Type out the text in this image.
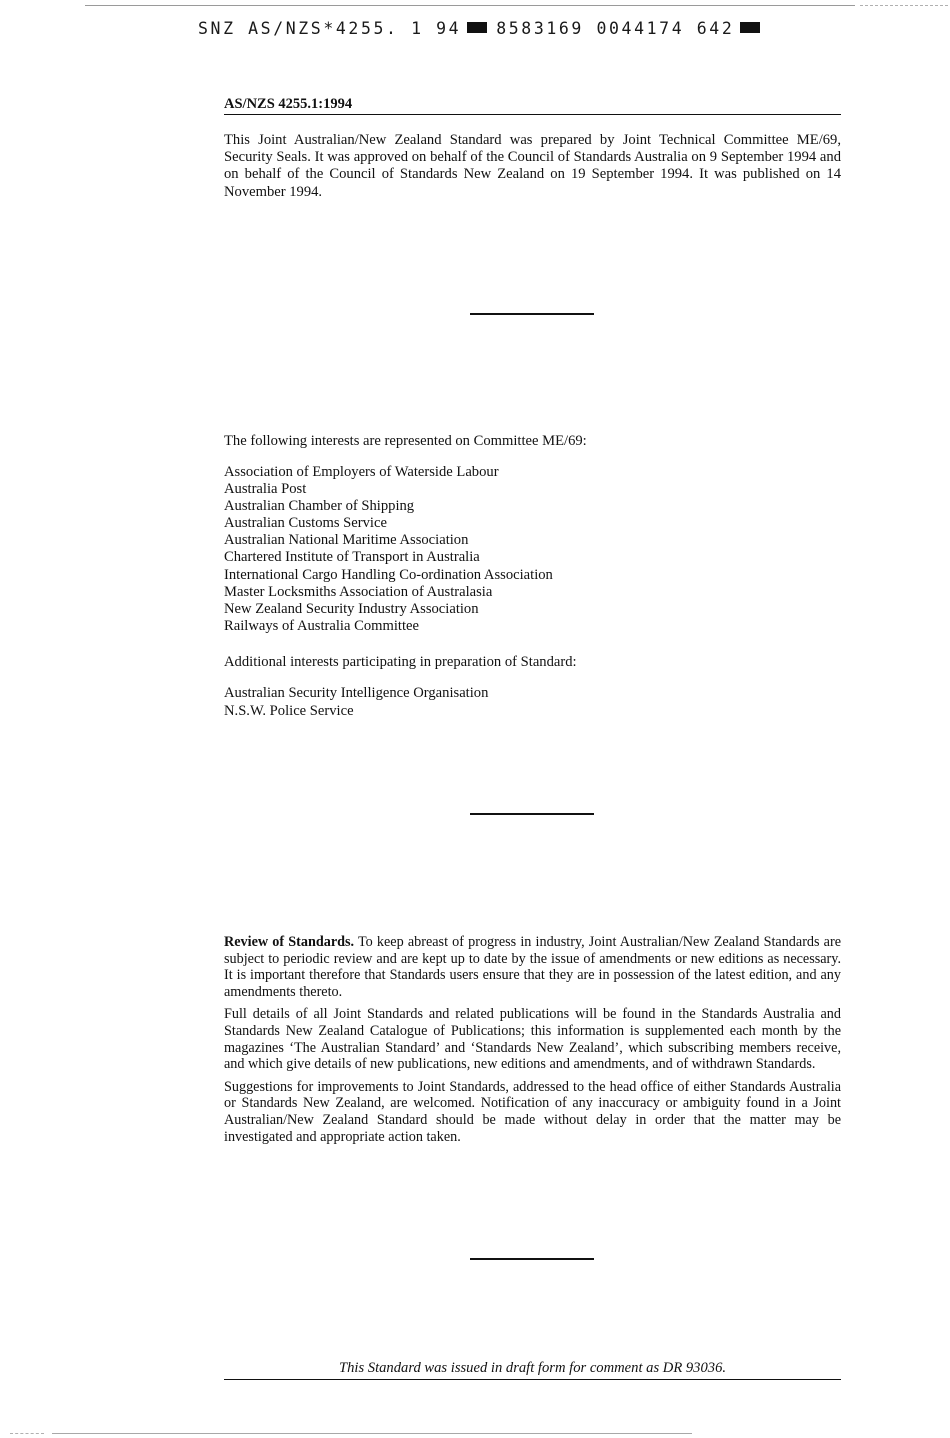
SNZ AS/NZS*4255. 1 94 8583169 0044174 642
AS/NZS 4255.1:1994

This Joint Australian/New Zealand Standard was prepared by Joint Technical Committee ME/69, Security Seals. It was approved on behalf of the Council of Standards Australia on 9 September 1994 and on behalf of the Council of Standards New Zealand on 19 September 1994. It was published on 14 November 1994.

The following interests are represented on Committee ME/69:

Association of Employers of Waterside Labour
Australia Post
Australian Chamber of Shipping
Australian Customs Service
Australian National Maritime Association
Chartered Institute of Transport in Australia
International Cargo Handling Co-ordination Association
Master Locksmiths Association of Australasia
New Zealand Security Industry Association
Railways of Australia Committee

Additional interests participating in preparation of Standard:

Australian Security Intelligence Organisation
N.S.W. Police Service

Review of Standards. To keep abreast of progress in industry, Joint Australian/New Zealand Standards are subject to periodic review and are kept up to date by the issue of amendments or new editions as necessary. It is important therefore that Standards users ensure that they are in possession of the latest edition, and any amendments thereto.

Full details of all Joint Standards and related publications will be found in the Standards Australia and Standards New Zealand Catalogue of Publications; this information is supplemented each month by the magazines ‘The Australian Standard’ and ‘Standards New Zealand’, which subscribing members receive, and which give details of new publications, new editions and amendments, and of withdrawn Standards.

Suggestions for improvements to Joint Standards, addressed to the head office of either Standards Australia or Standards New Zealand, are welcomed. Notification of any inaccuracy or ambiguity found in a Joint Australian/New Zealand Standard should be made without delay in order that the matter may be investigated and appropriate action taken.

This Standard was issued in draft form for comment as DR 93036.
